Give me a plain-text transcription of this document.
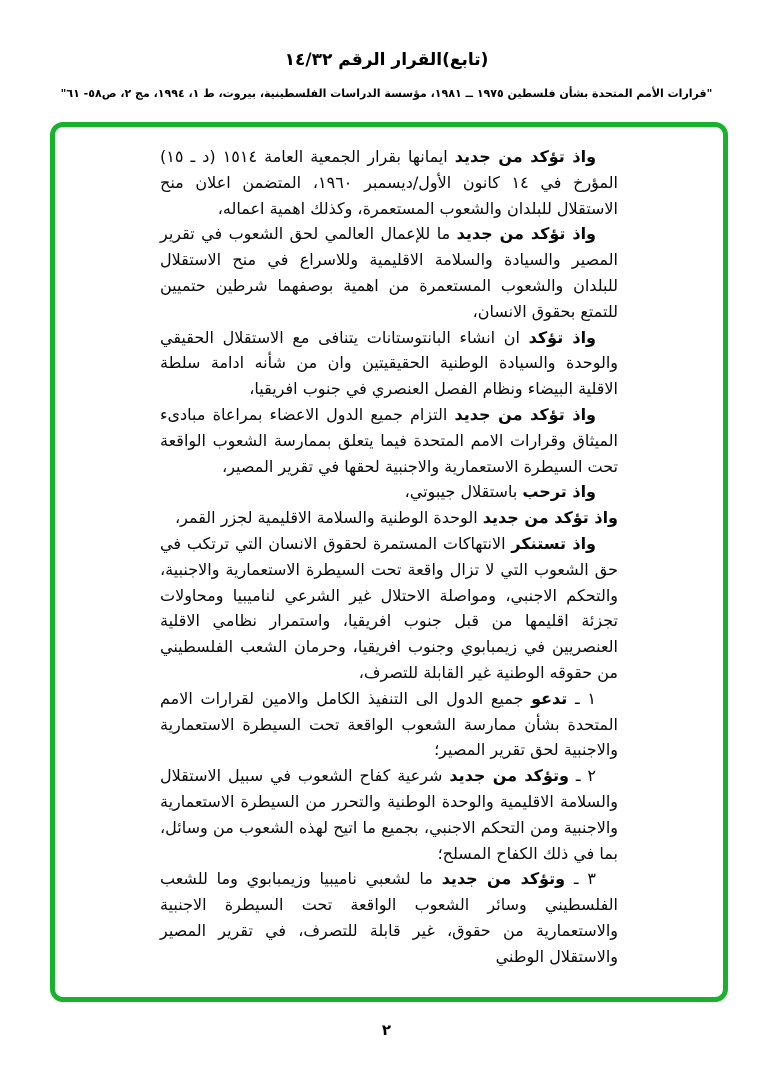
(تابع)القرار الرقم ١٤/٣٢
"قرارات الأمم المتحدة بشأن فلسطين ١٩٧٥ ــ ١٩٨١، مؤسسة الدراسات الفلسطينية، بيروت، ط ١، ١٩٩٤، مج ٢، ص٥٨- ٦١"

واذ تؤكد من جديد ايمانها بقرار الجمعية العامة ١٥١٤ (د ـ ١٥) المؤرخ في ١٤ كانون الأول/ديسمبر ١٩٦٠، المتضمن اعلان منح الاستقلال للبلدان والشعوب المستعمرة، وكذلك اهمية اعماله،

واذ تؤكد من جديد ما للإعمال العالمي لحق الشعوب في تقرير المصير والسيادة والسلامة الاقليمية وللاسراع في منح الاستقلال للبلدان والشعوب المستعمرة من اهمية بوصفهما شرطين حتميين للتمتع بحقوق الانسان،

واذ تؤكد ان انشاء البانتوستانات يتنافى مع الاستقلال الحقيقي والوحدة والسيادة الوطنية الحقيقيتين وان من شأنه ادامة سلطة الاقلية البيضاء ونظام الفصل العنصري في جنوب افريقيا،

واذ تؤكد من جديد التزام جميع الدول الاعضاء بمراعاة مبادىء الميثاق وقرارات الامم المتحدة فيما يتعلق بممارسة الشعوب الواقعة تحت السيطرة الاستعمارية والاجنبية لحقها في تقرير المصير،

واذ ترحب باستقلال جيبوتي،

واذ تؤكد من جديد الوحدة الوطنية والسلامة الاقليمية لجزر القمر،

واذ تستنكر الانتهاكات المستمرة لحقوق الانسان التي ترتكب في حق الشعوب التي لا تزال واقعة تحت السيطرة الاستعمارية والاجنبية، والتحكم الاجنبي، ومواصلة الاحتلال غير الشرعي لناميبيا ومحاولات تجزئة اقليمها من قبل جنوب افريقيا، واستمرار نظامي الاقلية العنصريين في زيمبابوي وجنوب افريقيا، وحرمان الشعب الفلسطيني من حقوقه الوطنية غير القابلة للتصرف،

١ ـ تدعو جميع الدول الى التنفيذ الكامل والامين لقرارات الامم المتحدة بشأن ممارسة الشعوب الواقعة تحت السيطرة الاستعمارية والاجنبية لحق تقرير المصير؛

٢ ـ وتؤكد من جديد شرعية كفاح الشعوب في سبيل الاستقلال والسلامة الاقليمية والوحدة الوطنية والتحرر من السيطرة الاستعمارية والاجنبية ومن التحكم الاجنبي، بجميع ما اتيح لهذه الشعوب من وسائل، بما في ذلك الكفاح المسلح؛

٣ ـ وتؤكد من جديد ما لشعبي ناميبيا وزيمبابوي وما للشعب الفلسطيني وسائر الشعوب الواقعة تحت السيطرة الاجنبية والاستعمارية من حقوق، غير قابلة للتصرف، في تقرير المصير والاستقلال الوطني

٢
